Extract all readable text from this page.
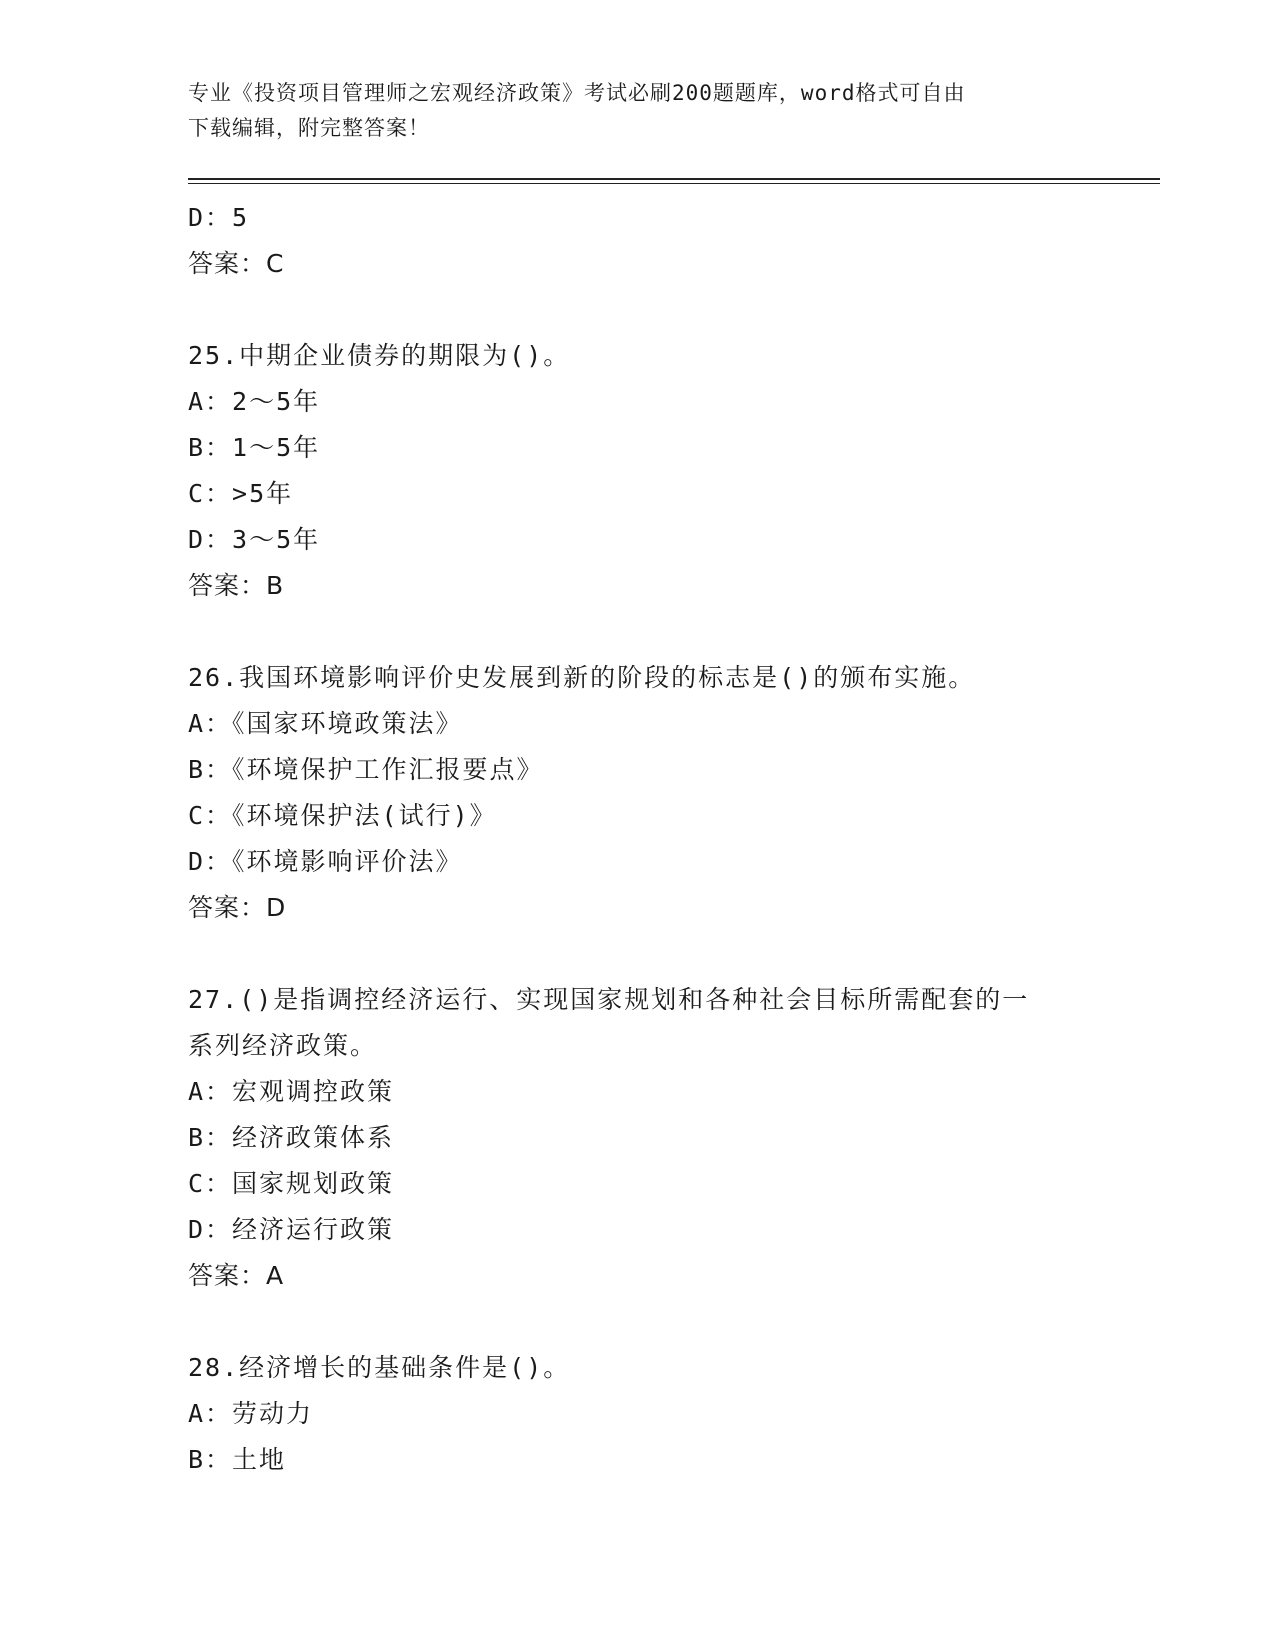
专业《投资项目管理师之宏观经济政策》考试必刷200题题库，word格式可自由
下载编辑，附完整答案！
D：5
答案：C
25.中期企业债券的期限为()。
A：2～5年
B：1～5年
C：>5年
D：3～5年
答案：B
26.我国环境影响评价史发展到新的阶段的标志是()的颁布实施。
A：《国家环境政策法》
B：《环境保护工作汇报要点》
C：《环境保护法(试行)》
D：《环境影响评价法》
答案：D
27.()是指调控经济运行、实现国家规划和各种社会目标所需配套的一
系列经济政策。
A：宏观调控政策
B：经济政策体系
C：国家规划政策
D：经济运行政策
答案：A
28.经济增长的基础条件是()。
A：劳动力
B：土地
